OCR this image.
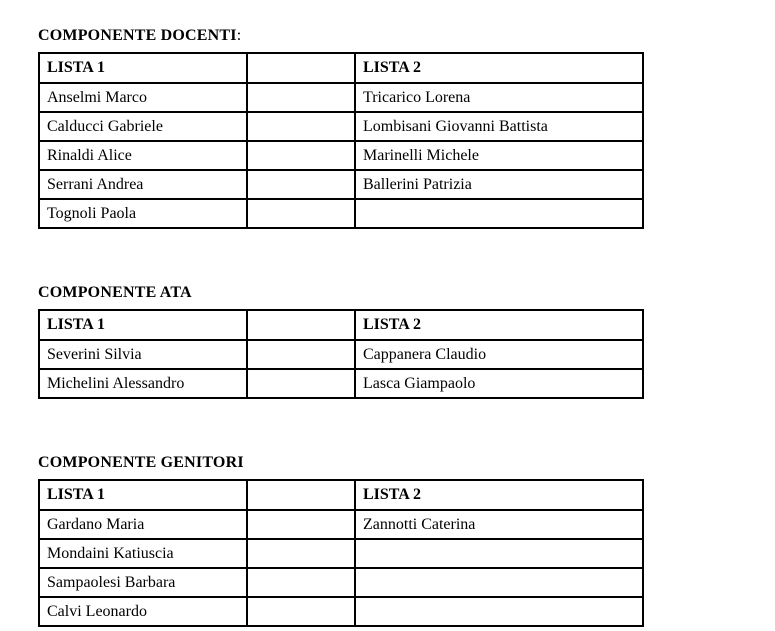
COMPONENTE DOCENTI:
LISTA 1		LISTA 2
Anselmi Marco		Tricarico Lorena
Calducci Gabriele		Lombisani Giovanni Battista
Rinaldi Alice		Marinelli Michele
Serrani Andrea		Ballerini Patrizia
Tognoli Paola		
COMPONENTE ATA
LISTA 1		LISTA 2
Severini Silvia		Cappanera Claudio
Michelini Alessandro		Lasca Giampaolo
COMPONENTE GENITORI
LISTA 1		LISTA 2
Gardano Maria		Zannotti Caterina
Mondaini Katiuscia		
Sampaolesi Barbara		
Calvi Leonardo		
